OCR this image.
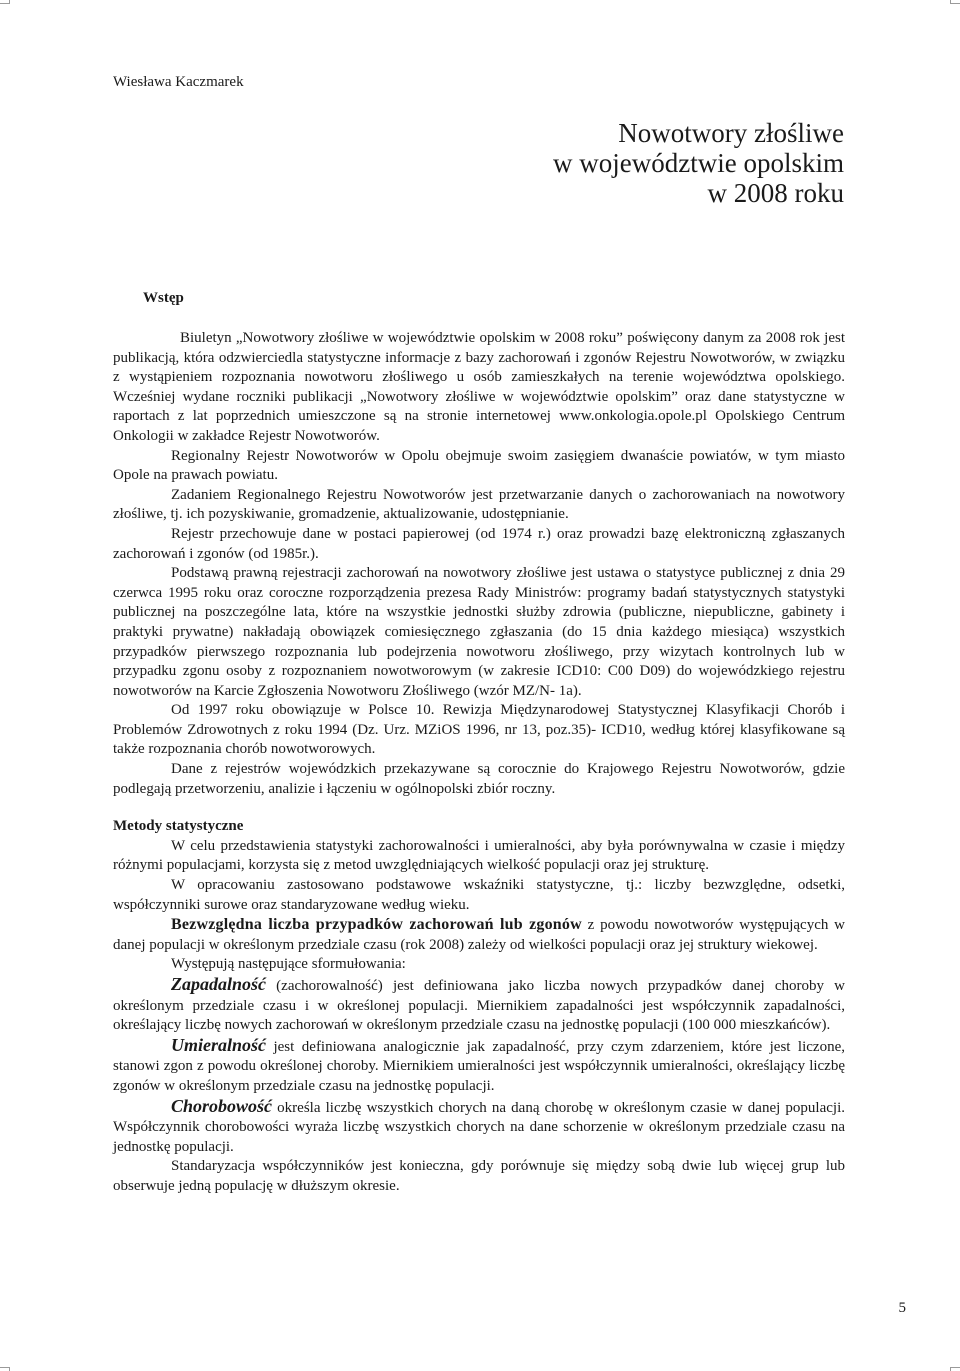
Wiesława Kaczmarek
Nowotwory złośliwe
w województwie opolskim
w 2008 roku
Wstęp

Biuletyn „Nowotwory złośliwe w województwie opolskim w 2008 roku” poświęcony danym za 2008 rok jest publikacją, która odzwierciedla statystyczne informacje z bazy zachorowań i zgonów Rejestru Nowotworów, w związku z wystąpieniem rozpoznania nowotworu złośliwego u osób zamieszkałych na terenie województwa opolskiego. Wcześniej wydane roczniki publikacji „Nowotwory złośliwe w województwie opolskim” oraz dane statystyczne w raportach z lat poprzednich umieszczone są na stronie internetowej www.onkologia.opole.pl Opolskiego Centrum Onkologii w zakładce Rejestr Nowotworów.

Regionalny Rejestr Nowotworów w Opolu obejmuje swoim zasięgiem dwanaście powiatów, w tym miasto Opole na prawach powiatu.

Zadaniem Regionalnego Rejestru Nowotworów jest przetwarzanie danych o zachorowaniach na nowotwory złośliwe, tj. ich pozyskiwanie, gromadzenie, aktualizowanie, udostępnianie.

Rejestr przechowuje dane w postaci papierowej (od 1974 r.) oraz prowadzi bazę elektroniczną zgłaszanych zachorowań i zgonów (od 1985r.).

Podstawą prawną rejestracji zachorowań na nowotwory złośliwe jest ustawa o statystyce publicznej z dnia 29 czerwca 1995 roku oraz coroczne rozporządzenia prezesa Rady Ministrów: programy badań statystycznych statystyki publicznej na poszczególne lata, które na wszystkie jednostki służby zdrowia (publiczne, niepubliczne, gabinety i praktyki prywatne) nakładają obowiązek comiesięcznego zgłaszania (do 15 dnia każdego miesiąca) wszystkich przypadków pierwszego rozpoznania lub podejrzenia nowotworu złośliwego, przy wizytach kontrolnych lub w przypadku zgonu osoby z rozpoznaniem nowotworowym (w zakresie ICD10: C00 D09) do wojewódzkiego rejestru nowotworów na Karcie Zgłoszenia Nowotworu Złośliwego (wzór MZ/N- 1a).

Od 1997 roku obowiązuje w Polsce 10. Rewizja Międzynarodowej Statystycznej Klasyfikacji Chorób i Problemów Zdrowotnych z roku 1994 (Dz. Urz. MZiOS 1996, nr 13, poz.35)- ICD10, według której klasyfikowane są także rozpoznania chorób nowotworowych.

Dane z rejestrów wojewódzkich przekazywane są corocznie do Krajowego Rejestru Nowotworów, gdzie podlegają przetworzeniu, analizie i łączeniu w ogólnopolski zbiór roczny.

Metody statystyczne

W celu przedstawienia statystyki zachorowalności i umieralności, aby była porównywalna w czasie i między różnymi populacjami, korzysta się z metod uwzględniających wielkość populacji oraz jej strukturę.

W opracowaniu zastosowano podstawowe wskaźniki statystyczne, tj.: liczby bezwzględne, odsetki, współczynniki surowe oraz standaryzowane według wieku.

Bezwzględna liczba przypadków zachorowań lub zgonów z powodu nowotworów występujących w danej populacji w określonym przedziale czasu (rok 2008) zależy od wielkości populacji oraz jej struktury wiekowej.

Występują następujące sformułowania:

Zapadalność (zachorowalność) jest definiowana jako liczba nowych przypadków danej choroby w określonym przedziale czasu i w określonej populacji. Miernikiem zapadalności jest współczynnik zapadalności, określający liczbę nowych zachorowań w określonym przedziale czasu na jednostkę populacji (100 000 mieszkańców).

Umieralność jest definiowana analogicznie jak zapadalność, przy czym zdarzeniem, które jest liczone, stanowi zgon z powodu określonej choroby. Miernikiem umieralności jest współczynnik umieralności, określający liczbę zgonów w określonym przedziale czasu na jednostkę populacji.

Chorobowość określa liczbę wszystkich chorych na daną chorobę w określonym czasie w danej populacji. Współczynnik chorobowości wyraża liczbę wszystkich chorych na dane schorzenie w określonym przedziale czasu na jednostkę populacji.

Standaryzacja współczynników jest konieczna, gdy porównuje się między sobą dwie lub więcej grup lub obserwuje jedną populację w dłuższym okresie.

5
